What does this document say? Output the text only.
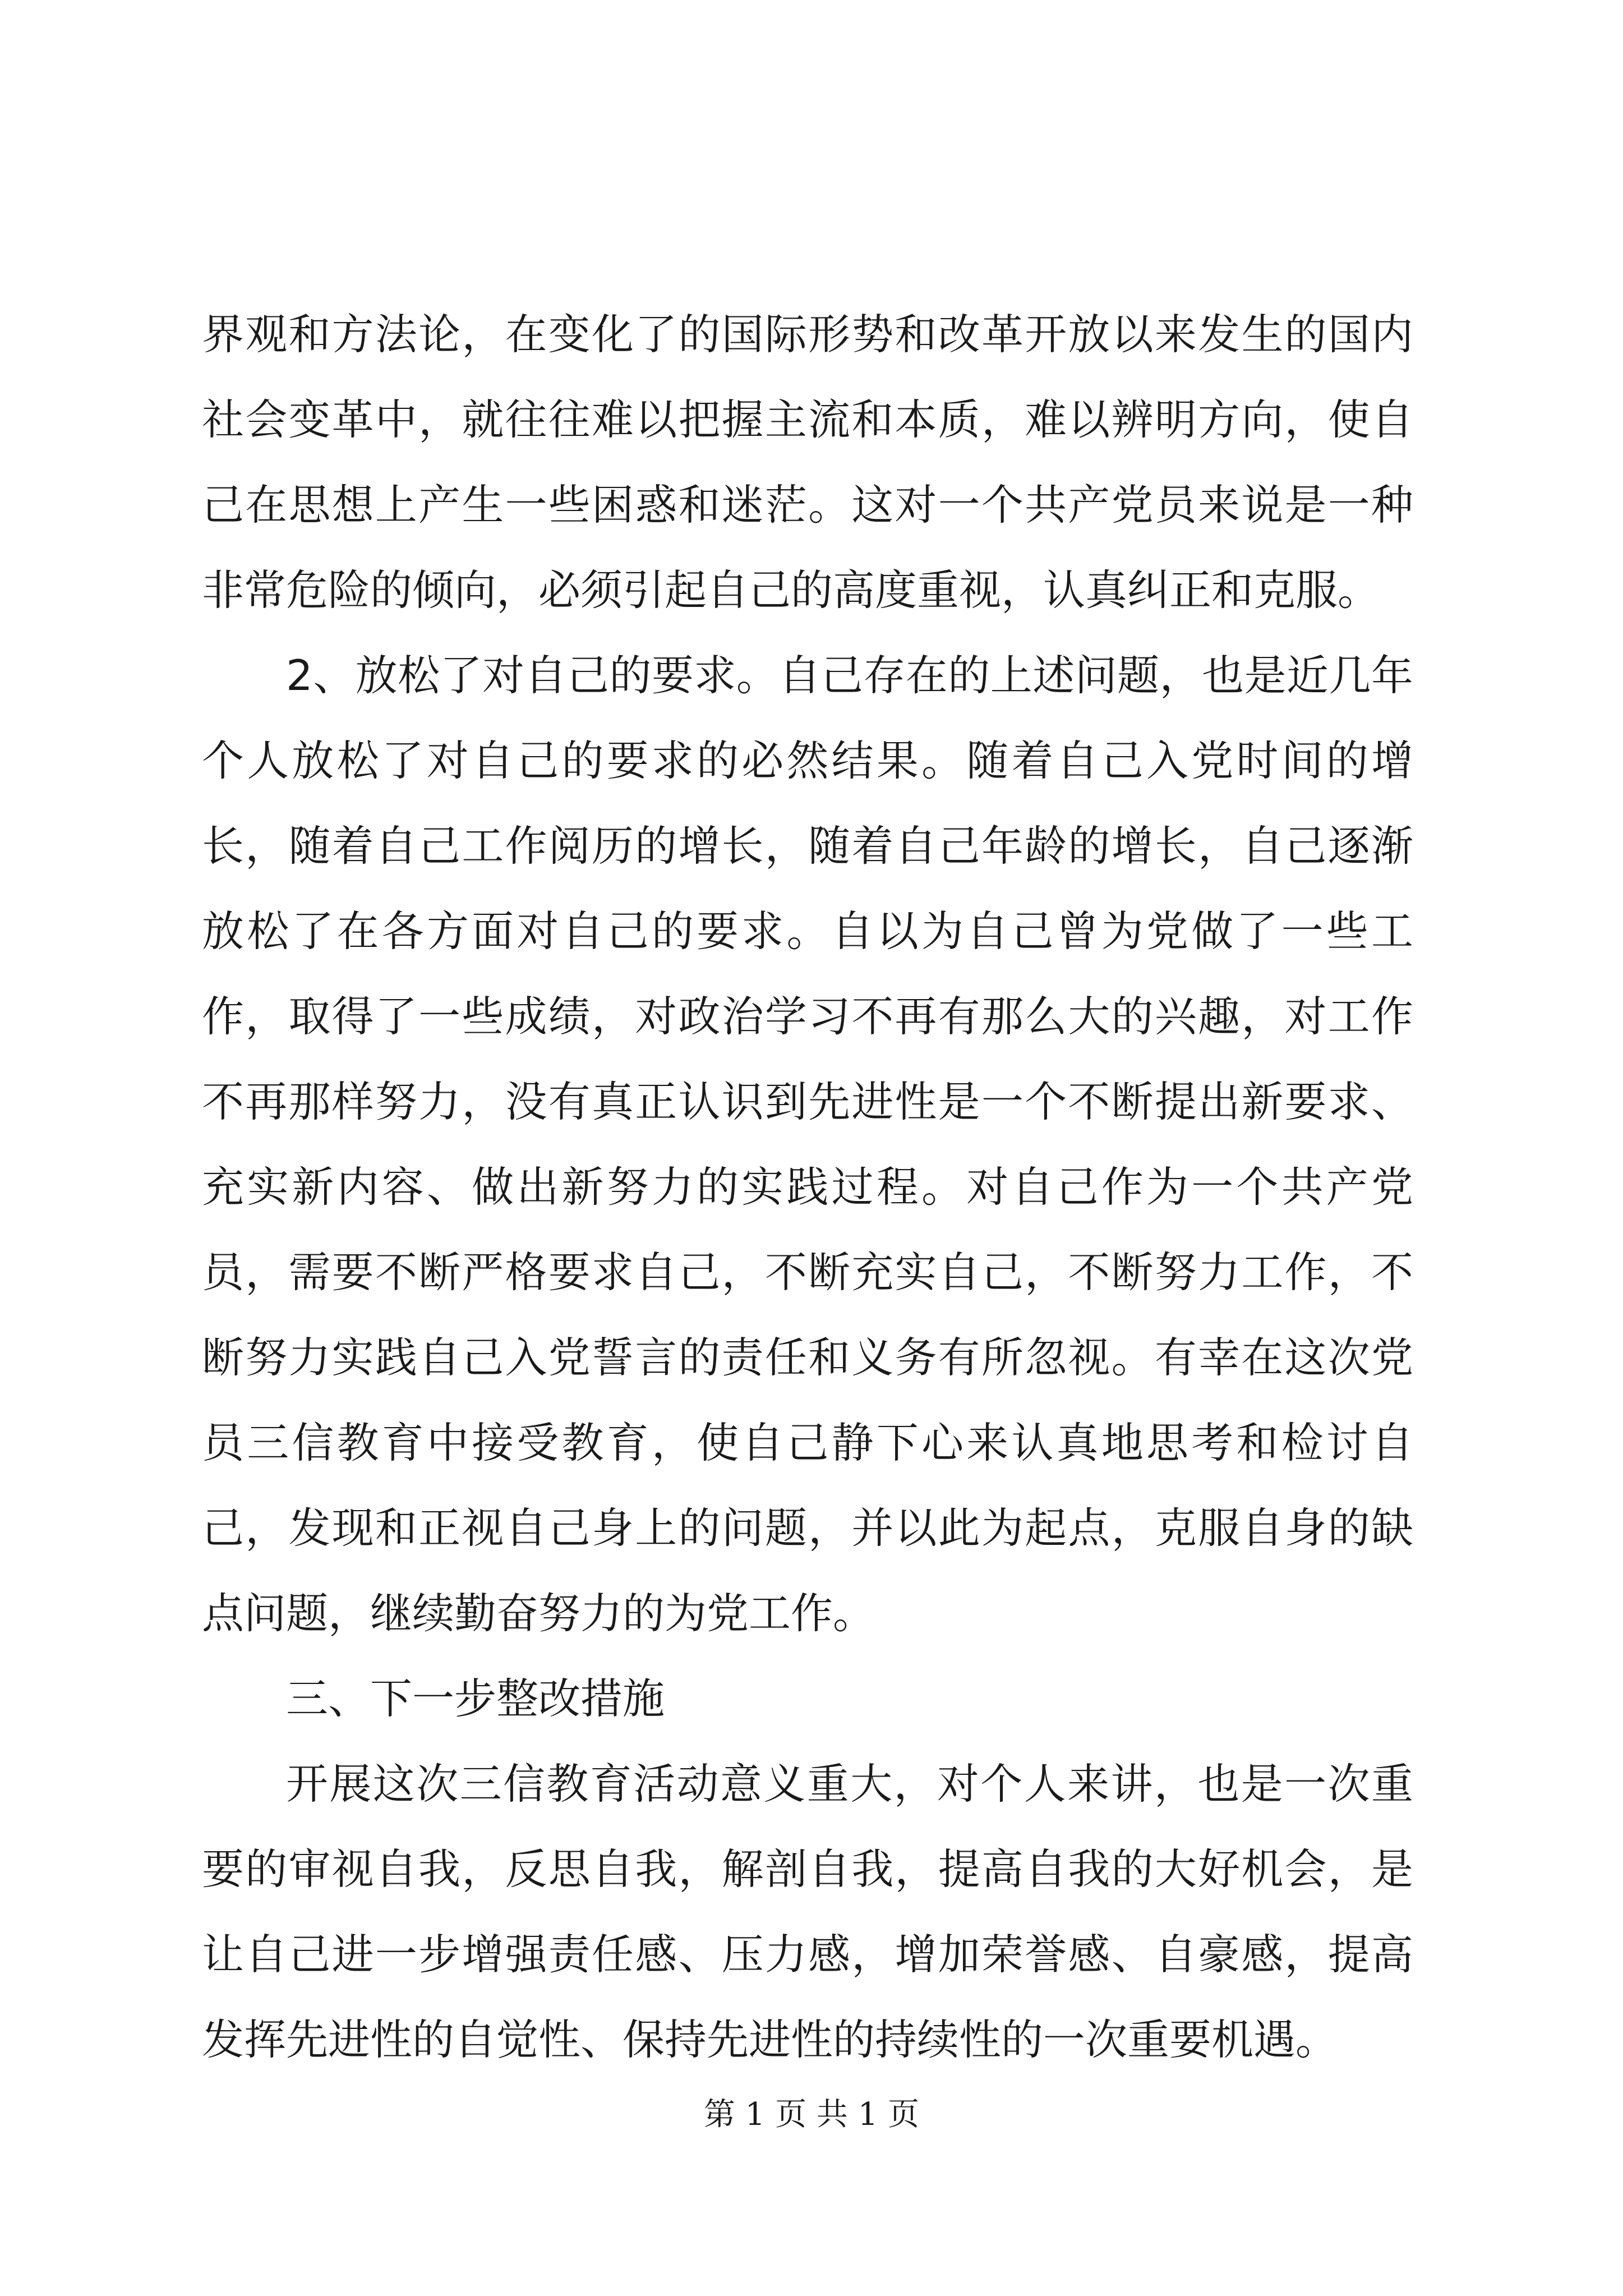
界观和方法论，在变化了的国际形势和改革开放以来发生的国内社会变革中，就往往难以把握主流和本质，难以辨明方向，使自己在思想上产生一些困惑和迷茫。这对一个共产党员来说是一种非常危险的倾向，必须引起自己的高度重视，认真纠正和克服。

2、放松了对自己的要求。自己存在的上述问题，也是近几年个人放松了对自己的要求的必然结果。随着自己入党时间的增长，随着自己工作阅历的增长，随着自己年龄的增长，自己逐渐放松了在各方面对自己的要求。自以为自己曾为党做了一些工作，取得了一些成绩，对政治学习不再有那么大的兴趣，对工作不再那样努力，没有真正认识到先进性是一个不断提出新要求、充实新内容、做出新努力的实践过程。对自己作为一个共产党员，需要不断严格要求自己，不断充实自己，不断努力工作，不断努力实践自己入党誓言的责任和义务有所忽视。有幸在这次党员三信教育中接受教育，使自己静下心来认真地思考和检讨自己，发现和正视自己身上的问题，并以此为起点，克服自身的缺点问题，继续勤奋努力的为党工作。

三、下一步整改措施

开展这次三信教育活动意义重大，对个人来讲，也是一次重要的审视自我，反思自我，解剖自我，提高自我的大好机会，是让自己进一步增强责任感、压力感，增加荣誉感、自豪感，提高发挥先进性的自觉性、保持先进性的持续性的一次重要机遇。

第 1 页 共 1 页
